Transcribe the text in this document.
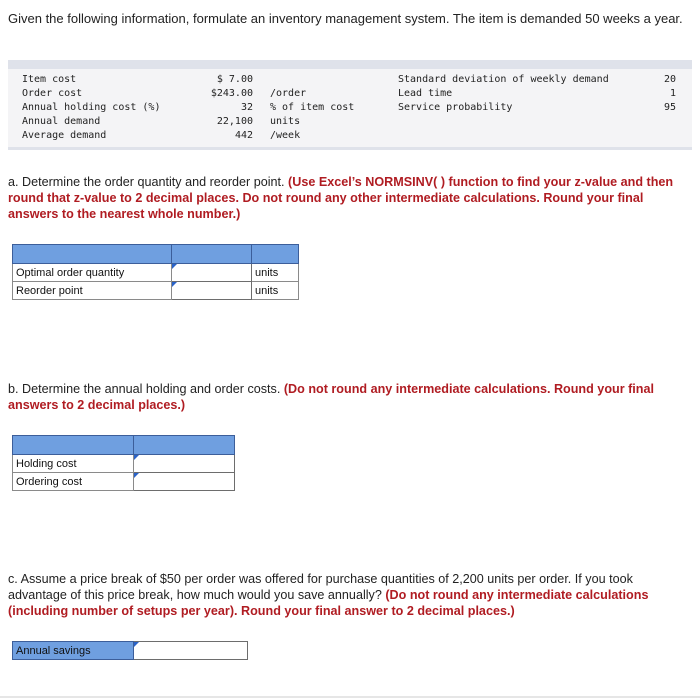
Given the following information, formulate an inventory management system. The item is demanded 50 weeks a year.
Item cost	$ 7.00
Order cost	$243.00 /order
Annual holding cost (%)	32 % of item cost
Annual demand	22,100 units
Average demand	442 /week
Standard deviation of weekly demand	20
Lead time	1
Service probability	95
a. Determine the order quantity and reorder point. (Use Excel’s NORMSINV( ) function to find your z-value and then round that z-value to 2 decimal places. Do not round any other intermediate calculations. Round your final answers to the nearest whole number.)

Optimal order quantity		units
Reorder point		units
b. Determine the annual holding and order costs. (Do not round any intermediate calculations. Round your final answers to 2 decimal places.)

Holding cost	
Ordering cost	
c. Assume a price break of $50 per order was offered for purchase quantities of 2,200 units per order. If you took advantage of this price break, how much would you save annually? (Do not round any intermediate calculations (including number of setups per year). Round your final answer to 2 decimal places.)
Annual savings	
